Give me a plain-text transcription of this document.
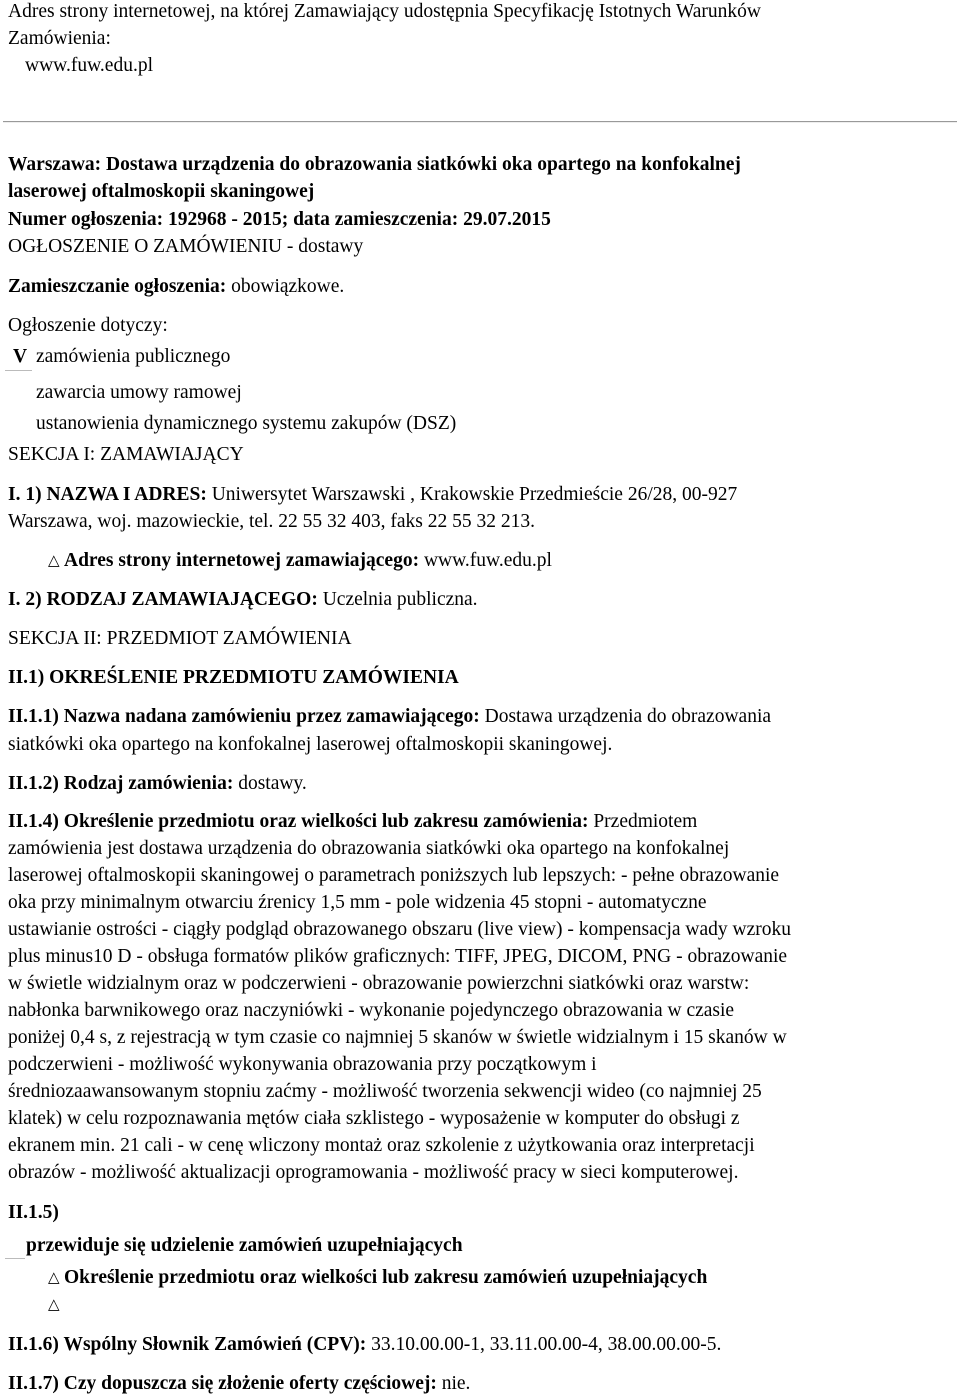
Adres strony internetowej, na której Zamawiający udostępnia Specyfikację Istotnych Warunków
Zamówienia:
www.fuw.edu.pl
Warszawa: Dostawa urządzenia do obrazowania siatkówki oka opartego na konfokalnej
laserowej oftalmoskopii skaningowej
Numer ogłoszenia: 192968 - 2015; data zamieszczenia: 29.07.2015
OGŁOSZENIE O ZAMÓWIENIU - dostawy
Zamieszczanie ogłoszenia: obowiązkowe.
Ogłoszenie dotyczy:
V zamówienia publicznego
zawarcia umowy ramowej
ustanowienia dynamicznego systemu zakupów (DSZ)
SEKCJA I: ZAMAWIAJĄCY
I. 1) NAZWA I ADRES: Uniwersytet Warszawski , Krakowskie Przedmieście 26/28, 00-927
Warszawa, woj. mazowieckie, tel. 22 55 32 403, faks 22 55 32 213.
△ Adres strony internetowej zamawiającego: www.fuw.edu.pl
I. 2) RODZAJ ZAMAWIAJĄCEGO: Uczelnia publiczna.
SEKCJA II: PRZEDMIOT ZAMÓWIENIA
II.1) OKREŚLENIE PRZEDMIOTU ZAMÓWIENIA
II.1.1) Nazwa nadana zamówieniu przez zamawiającego: Dostawa urządzenia do obrazowania
siatkówki oka opartego na konfokalnej laserowej oftalmoskopii skaningowej.
II.1.2) Rodzaj zamówienia: dostawy.
II.1.4) Określenie przedmiotu oraz wielkości lub zakresu zamówienia: Przedmiotem
zamówienia jest dostawa urządzenia do obrazowania siatkówki oka opartego na konfokalnej
laserowej oftalmoskopii skaningowej o parametrach poniższych lub lepszych: - pełne obrazowanie
oka przy minimalnym otwarciu źrenicy 1,5 mm - pole widzenia 45 stopni - automatyczne
ustawianie ostrości - ciągły podgląd obrazowanego obszaru (live view) - kompensacja wady wzroku
plus minus10 D - obsługa formatów plików graficznych: TIFF, JPEG, DICOM, PNG - obrazowanie
w świetle widzialnym oraz w podczerwieni - obrazowanie powierzchni siatkówki oraz warstw:
nabłonka barwnikowego oraz naczyniówki - wykonanie pojedynczego obrazowania w czasie
poniżej 0,4 s, z rejestracją w tym czasie co najmniej 5 skanów w świetle widzialnym i 15 skanów w
podczerwieni - możliwość wykonywania obrazowania przy początkowym i
średniozaawansowanym stopniu zaćmy - możliwość tworzenia sekwencji wideo (co najmniej 25
klatek) w celu rozpoznawania mętów ciała szklistego - wyposażenie w komputer do obsługi z
ekranem min. 21 cali - w cenę wliczony montaż oraz szkolenie z użytkowania oraz interpretacji
obrazów - możliwość aktualizacji oprogramowania - możliwość pracy w sieci komputerowej.
II.1.5)
przewiduje się udzielenie zamówień uzupełniających
△ Określenie przedmiotu oraz wielkości lub zakresu zamówień uzupełniających
△
II.1.6) Wspólny Słownik Zamówień (CPV): 33.10.00.00-1, 33.11.00.00-4, 38.00.00.00-5.
II.1.7) Czy dopuszcza się złożenie oferty częściowej: nie.
